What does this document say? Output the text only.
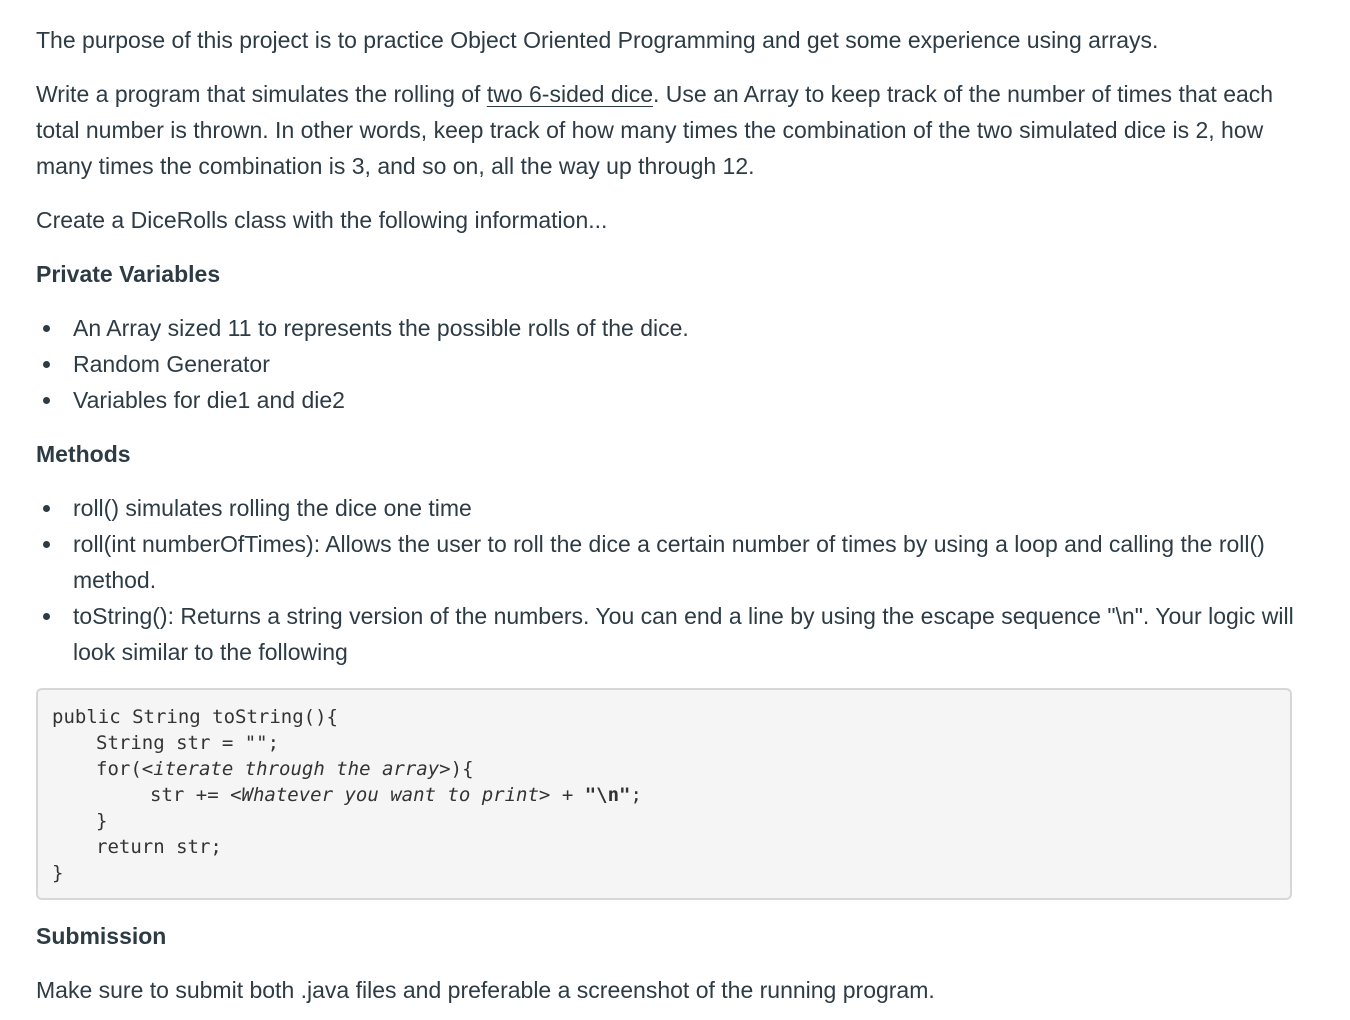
The purpose of this project is to practice Object Oriented Programming and get some experience using arrays.

Write a program that simulates the rolling of two 6-sided dice. Use an Array to keep track of the number of times that each total number is thrown. In other words, keep track of how many times the combination of the two simulated dice is 2, how many times the combination is 3, and so on, all the way up through 12.

Create a DiceRolls class with the following information...

Private Variables
An Array sized 11 to represents the possible rolls of the dice.
Random Generator
Variables for die1 and die2
Methods
roll() simulates rolling the dice one time
roll(int numberOfTimes): Allows the user to roll the dice a certain number of times by using a loop and calling the roll() method.
toString(): Returns a string version of the numbers. You can end a line by using the escape sequence "\n". Your logic will look similar to the following
public String toString(){
String str = "";
for(<iterate through the array>){
str += <Whatever you want to print> + "\n";
}
return str;
}
Submission

Make sure to submit both .java files and preferable a screenshot of the running program.
